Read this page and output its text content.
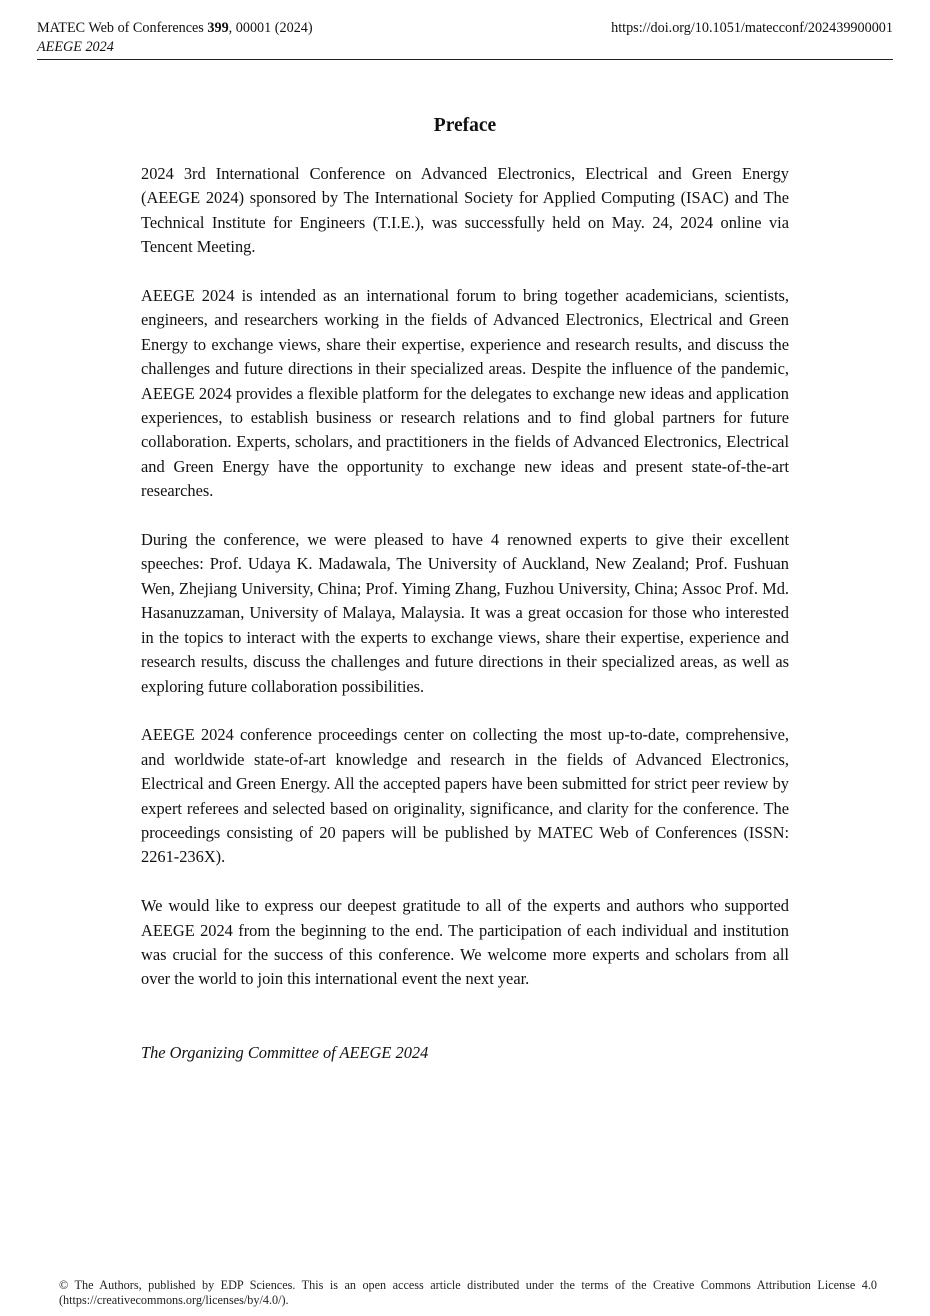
MATEC Web of Conferences 399, 00001 (2024)
AEEGE 2024
https://doi.org/10.1051/matecconf/202439900001
Preface

2024 3rd International Conference on Advanced Electronics, Electrical and Green Energy (AEEGE 2024) sponsored by The International Society for Applied Computing (ISAC) and The Technical Institute for Engineers (T.I.E.), was successfully held on May. 24, 2024 online via Tencent Meeting.

AEEGE 2024 is intended as an international forum to bring together academicians, scientists, engineers, and researchers working in the fields of Advanced Electronics, Electrical and Green Energy to exchange views, share their expertise, experience and research results, and discuss the challenges and future directions in their specialized areas. Despite the influence of the pandemic, AEEGE 2024 provides a flexible platform for the delegates to exchange new ideas and application experiences, to establish business or research relations and to find global partners for future collaboration. Experts, scholars, and practitioners in the fields of Advanced Electronics, Electrical and Green Energy have the opportunity to exchange new ideas and present state-of-the-art researches.

During the conference, we were pleased to have 4 renowned experts to give their excellent speeches: Prof. Udaya K. Madawala, The University of Auckland, New Zealand; Prof. Fushuan Wen, Zhejiang University, China; Prof. Yiming Zhang, Fuzhou University, China; Assoc Prof. Md. Hasanuzzaman, University of Malaya, Malaysia. It was a great occasion for those who interested in the topics to interact with the experts to exchange views, share their expertise, experience and research results, discuss the challenges and future directions in their specialized areas, as well as exploring future collaboration possibilities.

AEEGE 2024 conference proceedings center on collecting the most up-to-date, comprehensive, and worldwide state-of-art knowledge and research in the fields of Advanced Electronics, Electrical and Green Energy. All the accepted papers have been submitted for strict peer review by expert referees and selected based on originality, significance, and clarity for the conference. The proceedings consisting of 20 papers will be published by MATEC Web of Conferences (ISSN: 2261-236X).

We would like to express our deepest gratitude to all of the experts and authors who supported AEEGE 2024 from the beginning to the end. The participation of each individual and institution was crucial for the success of this conference. We welcome more experts and scholars from all over the world to join this international event the next year.

The Organizing Committee of AEEGE 2024
© The Authors, published by EDP Sciences. This is an open access article distributed under the terms of the Creative Commons Attribution License 4.0 (https://creativecommons.org/licenses/by/4.0/).
